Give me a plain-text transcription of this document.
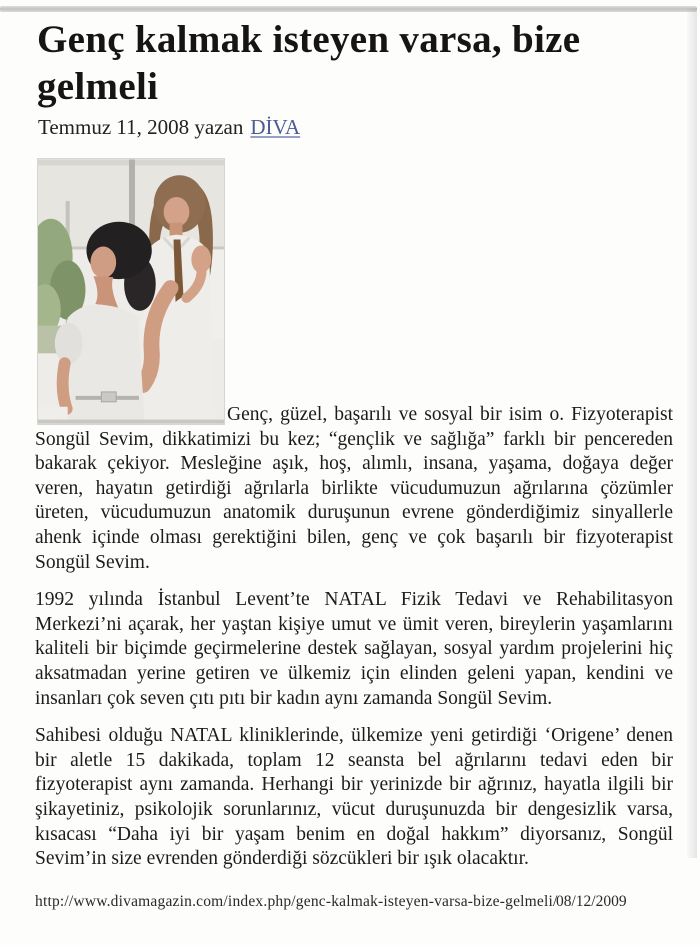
Genç kalmak isteyen varsa, bize
gelmeli
Temmuz 11, 2008 yazan DİVA

Genç, güzel, başarılı ve sosyal bir isim o. Fizyoterapist Songül Sevim, dikkatimizi bu kez; “gençlik ve sağlığa” farklı bir pencereden bakarak çekiyor. Mesleğine aşık, hoş, alımlı, insana, yaşama, doğaya değer veren, hayatın getirdiği ağrılarla birlikte vücudumuzun ağrılarına çözümler üreten, vücudumuzun anatomik duruşunun evrene gönderdiğimiz sinyallerle ahenk içinde olması gerektiğini bilen, genç ve çok başarılı bir fizyoterapist Songül Sevim.

1992 yılında İstanbul Levent’te NATAL Fizik Tedavi ve Rehabilitasyon Merkezi’ni açarak, her yaştan kişiye umut ve ümit veren, bireylerin yaşamlarını kaliteli bir biçimde geçirmelerine destek sağlayan, sosyal yardım projelerini hiç aksatmadan yerine getiren ve ülkemiz için elinden geleni yapan, kendini ve insanları çok seven çıtı pıtı bir kadın aynı zamanda Songül Sevim.

Sahibesi olduğu NATAL kliniklerinde, ülkemize yeni getirdiği ‘Origene’ denen bir aletle 15 dakikada, toplam 12 seansta bel ağrılarını tedavi eden bir fizyoterapist aynı zamanda. Herhangi bir yerinizde bir ağrınız, hayatla ilgili bir şikayetiniz, psikolojik sorunlarınız, vücut duruşunuzda bir dengesizlik varsa, kısacası “Daha iyi bir yaşam benim en doğal hakkım” diyorsanız, Songül Sevim’in size evrenden gönderdiği sözcükleri bir ışık olacaktır.

http://www.divamagazin.com/index.php/genc-kalmak-isteyen-varsa-bize-gelmeli/
08/12/2009
